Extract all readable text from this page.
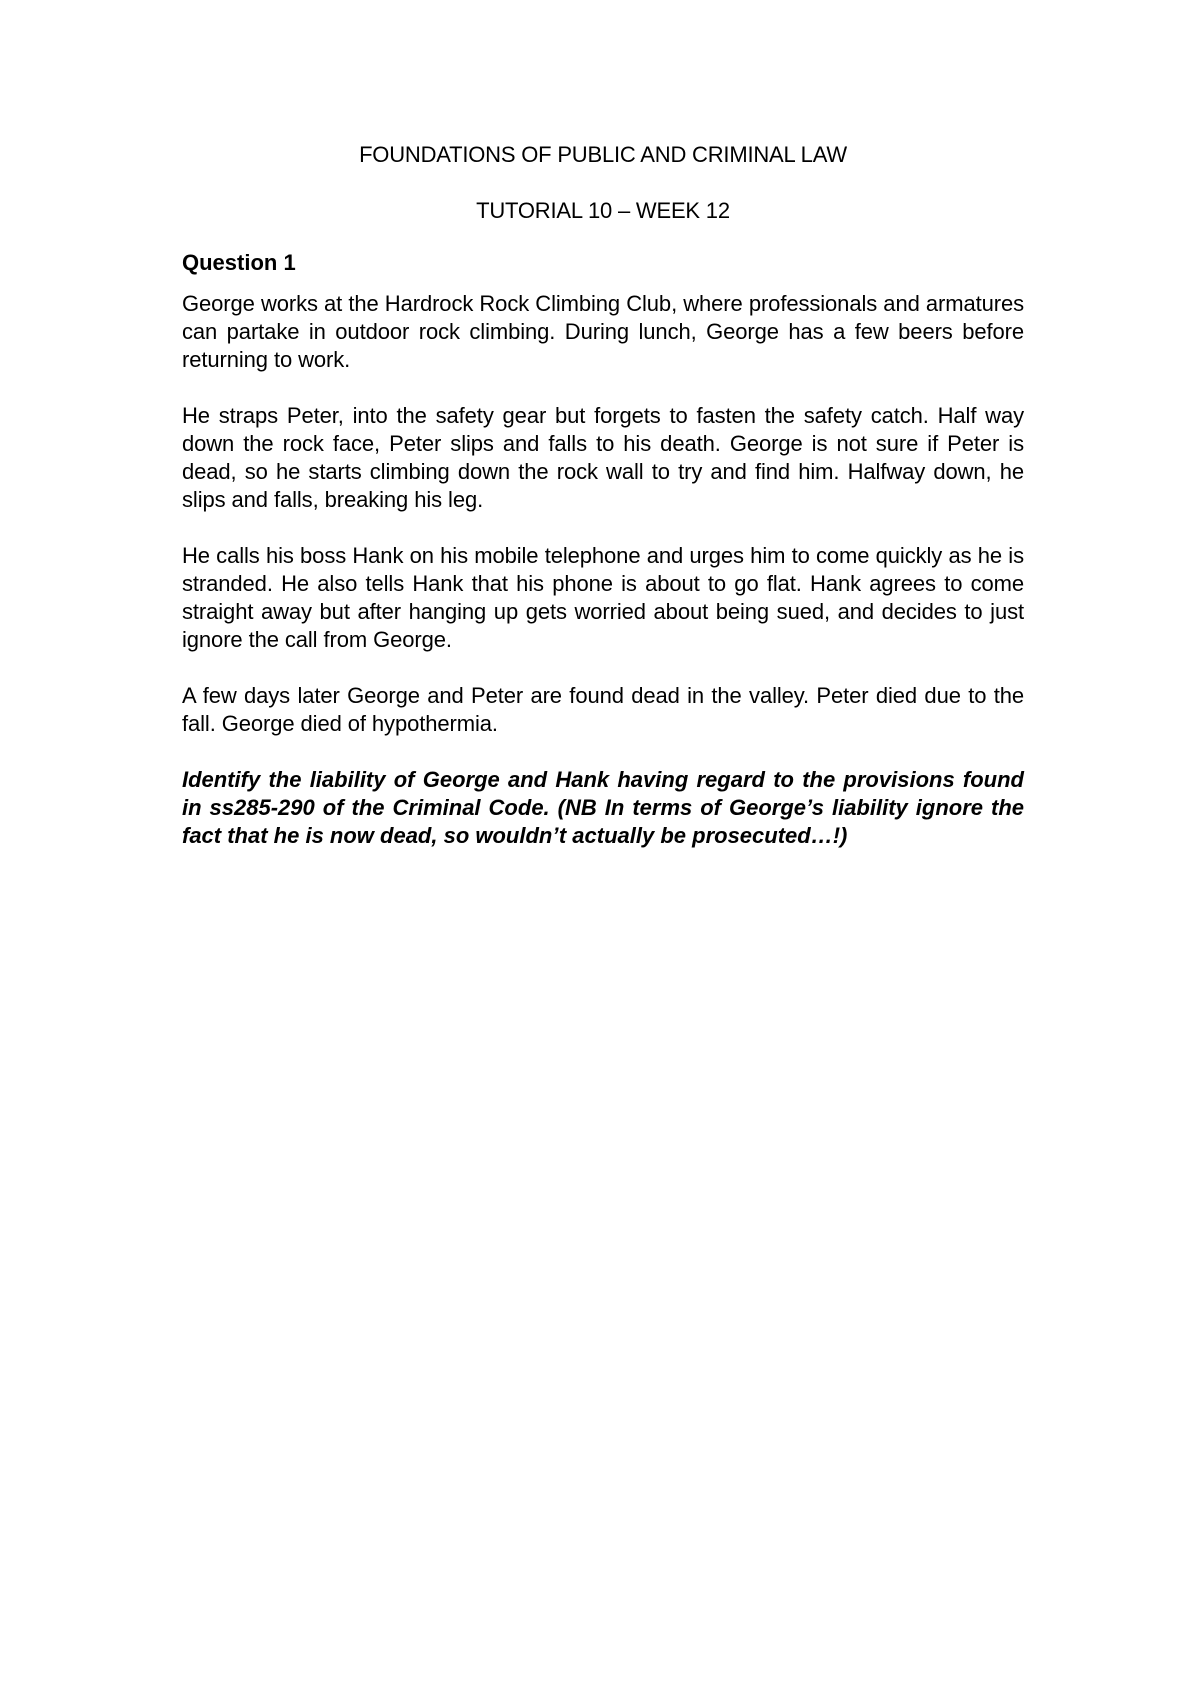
FOUNDATIONS OF PUBLIC AND CRIMINAL LAW
TUTORIAL 10 – WEEK 12
Question 1

George works at the Hardrock Rock Climbing Club, where professionals and armatures can partake in outdoor rock climbing. During lunch, George has a few beers before returning to work.

He straps Peter, into the safety gear but forgets to fasten the safety catch. Half way down the rock face, Peter slips and falls to his death. George is not sure if Peter is dead, so he starts climbing down the rock wall to try and find him. Halfway down, he slips and falls, breaking his leg.

He calls his boss Hank on his mobile telephone and urges him to come quickly as he is stranded. He also tells Hank that his phone is about to go flat. Hank agrees to come straight away but after hanging up gets worried about being sued, and decides to just ignore the call from George.

A few days later George and Peter are found dead in the valley. Peter died due to the fall. George died of hypothermia.

Identify the liability of George and Hank having regard to the provisions found in ss285-290 of the Criminal Code. (NB In terms of George’s liability ignore the fact that he is now dead, so wouldn’t actually be prosecuted…!)
